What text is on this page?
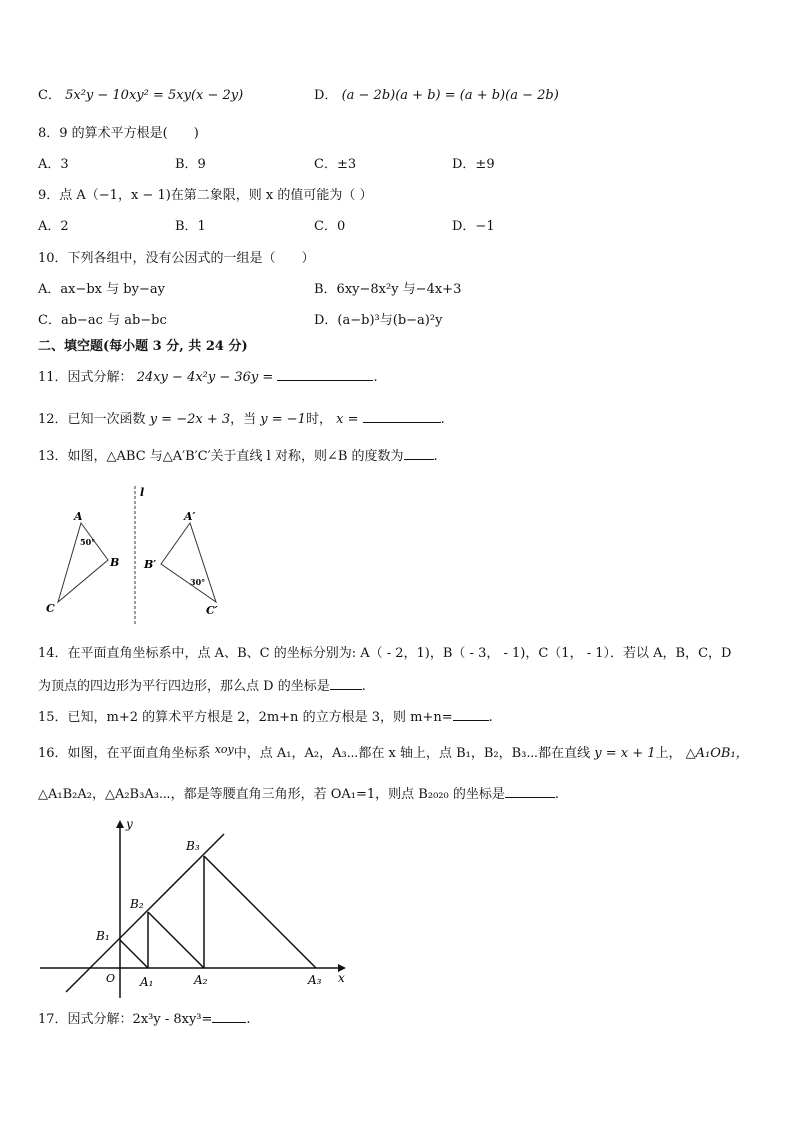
C． 5x²y − 10xy² = 5xy(x − 2y)	D． (a − 2b)(a + b) = (a + b)(a − 2b)
8．9 的算术平方根是(　　)
A．3	B．9	C．±3	D．±9
9．点 A（−1，x − 1)在第二象限，则 x 的值可能为（ ）
A．2	B．1	C．0	D．−1
10．下列各组中，没有公因式的一组是（　　）
A．ax−bx 与 by−ay	B．6xy−8x²y 与−4x+3
C．ab−ac 与 ab−bc	D．(a−b)³与(b−a)²y
二、填空题(每小题 3 分, 共 24 分)
11．因式分解： 24xy − 4x²y − 36y =	.
12．已知一次函数 y = −2x + 3，当 y = −1时， x =	.
13．如图，△ABC 与△A′B′C′关于直线 l 对称，则∠B 的度数为 .
l
A
B
C
50°
A′
B′
C′
30°
14．在平面直角坐标系中，点 A、B、C 的坐标分别为: A（ - 2，1)，B（ - 3， - 1)，C（1， - 1）．若以 A，B，C，D
为顶点的四边形为平行四边形，那么点 D 的坐标是 .
15．已知，m+2 的算术平方根是 2，2m+n 的立方根是 3，则 m+n=	.
16．如图，在平面直角坐标系 $^{xoy}$中，点 A₁，A₂，A₃⋯都在 x 轴上，点 B₁，B₂，B₃⋯都在直线 y = x + 1上， △A₁OB₁，
△A₁B₂A₂，△A₂B₃A₃⋯，都是等腰直角三角形，若 OA₁=1，则点 B₂₀₂₀ 的坐标是	.
y
x
O
B₁
B₂
B₃
A₁	A₂	A₃
17．因式分解：2x³y - 8xy³=	.
